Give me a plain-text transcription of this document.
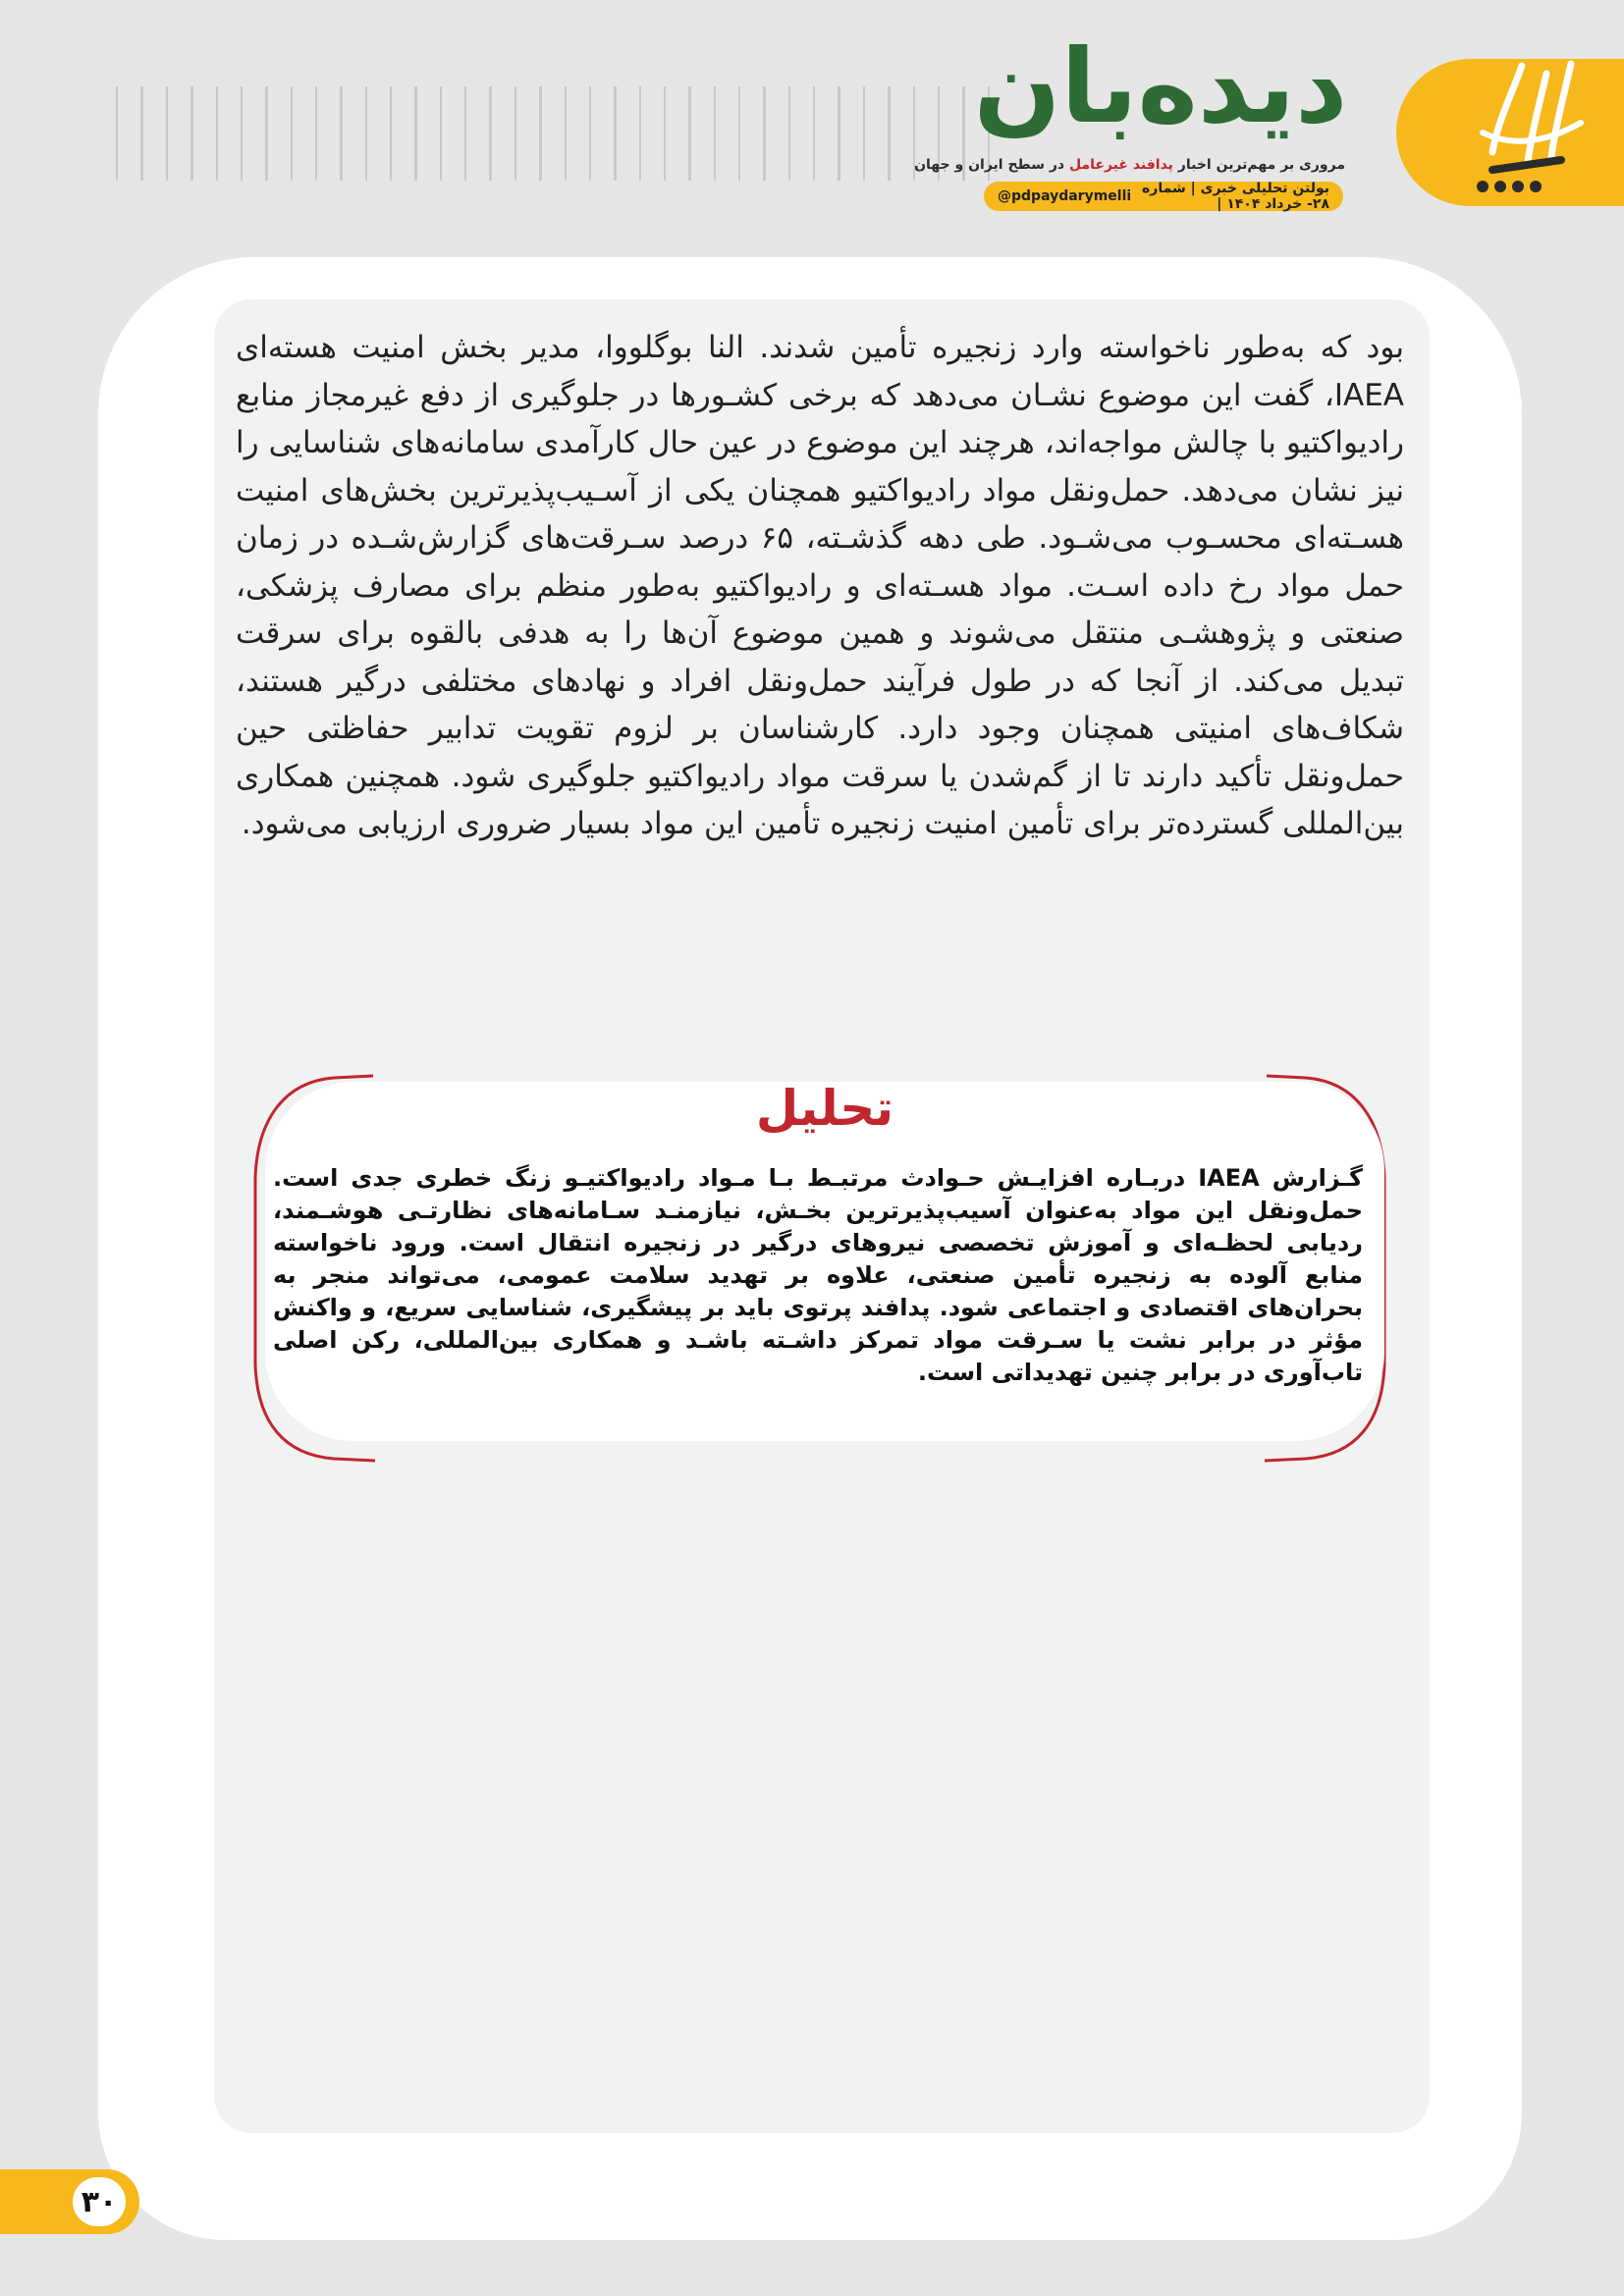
دیده‌بان
مروری بر مهم‌ترین اخبار پدافند غیرعامل در سطح ایران و جهان
بولتن تحلیلی خبری | شماره ۲۸- خرداد ۱۴۰۴ |
@pdpaydarymelli

بود که به‌طور ناخواسته وارد زنجیره تأمین شدند. النا بوگلووا، مدیر بخش امنیت هسته‌ای IAEA، گفت این موضوع نشـان می‌دهد که برخی کشـورها در جلوگیری از دفع غیرمجاز منابع رادیواکتیو با چالش مواجه‌اند، هرچند این موضوع در عین حال کارآمدی سامانه‌های شناسایی را نیز نشان می‌دهد. حمل‌ونقل مواد رادیواکتیو همچنان یکی از آسـیب‌پذیرترین بخش‌های امنیت هسـته‌ای محسـوب می‌شـود. طی دهه گذشـته، ۶۵ درصد سـرقت‌های گزارش‌شـده در زمان حمل مواد رخ داده اسـت. مواد هسـته‌ای و رادیواکتیو به‌طور منظم برای مصارف پزشکی، صنعتی و پژوهشـی منتقل می‌شوند و همین موضوع آن‌ها را به هدفی بالقوه برای سرقت تبدیل می‌کند. از آنجا که در طول فرآیند حمل‌ونقل افراد و نهادهای مختلفی درگیر هستند، شکاف‌های امنیتی همچنان وجود دارد. کارشناسان بر لزوم تقویت تدابیر حفاظتی حین حمل‌ونقل تأکید دارند تا از گم‌شدن یا سرقت مواد رادیواکتیو جلوگیری شود. همچنین همکاری بین‌المللی گسترده‌تر برای تأمین امنیت زنجیره تأمین این مواد بسیار ضروری ارزیابی می‌شود.

تحلیل

گـزارش IAEA دربـاره افزایـش حـوادث مرتبـط بـا مـواد رادیواکتیـو زنگ خطری جدی است. حمل‌ونقل این مواد به‌عنوان آسیب‌پذیرترین بخـش، نیازمنـد سـامانه‌های نظارتـی هوشـمند، ردیابی لحظـه‌ای و آموزش تخصصی نیروهای درگیر در زنجیره انتقال است. ورود ناخواسته منابع آلوده به زنجیره تأمین صنعتی، علاوه بر تهدید سلامت عمومی، می‌تواند منجر به بحران‌های اقتصادی و اجتماعی شود. پدافند پرتوی باید بر پیشگیری، شناسایی سریع، و واکنش مؤثر در برابر نشت یا سـرقت مواد تمرکز داشـته باشـد و همکاری بین‌المللی، رکن اصلی تاب‌آوری در برابر چنین تهدیداتی است.

۳۰
